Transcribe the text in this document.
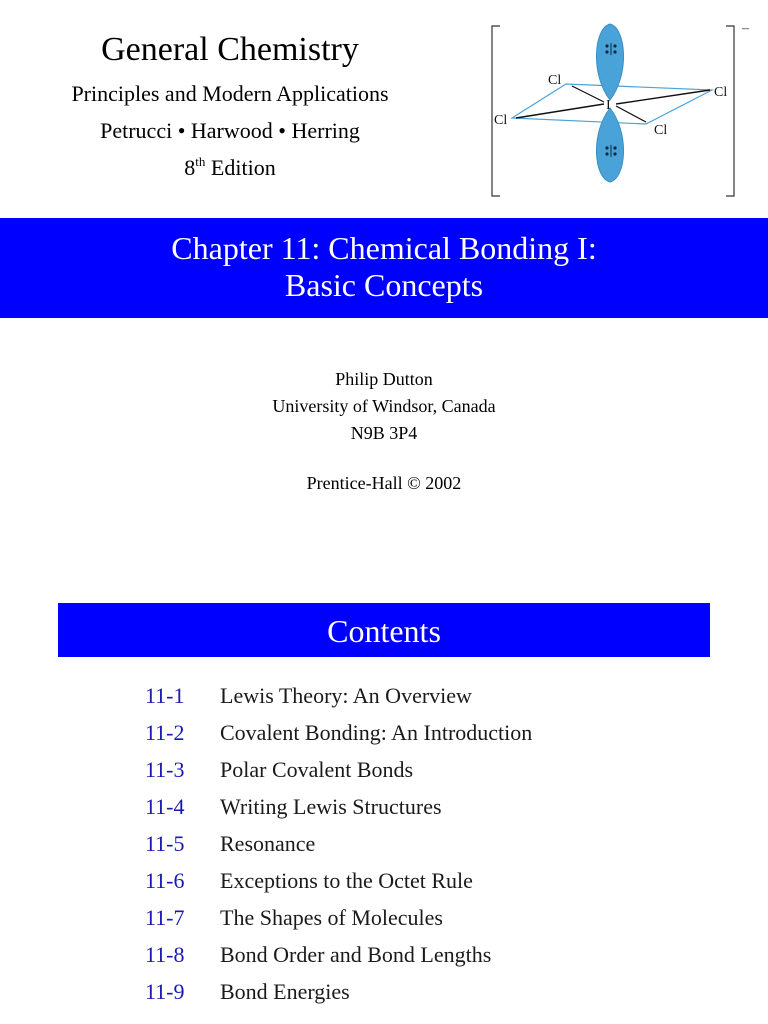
General Chemistry
Principles and Modern Applications
Petrucci • Harwood • Herring
8th Edition
–
I
Cl
Cl
Cl
Cl
Chapter 11: Chemical Bonding I:
Basic Concepts
Philip Dutton
University of Windsor, Canada
N9B 3P4
Prentice-Hall © 2002
Contents
11-1 Lewis Theory: An Overview
11-2 Covalent Bonding: An Introduction
11-3 Polar Covalent Bonds
11-4 Writing Lewis Structures
11-5 Resonance
11-6 Exceptions to the Octet Rule
11-7 The Shapes of Molecules
11-8 Bond Order and Bond Lengths
11-9 Bond Energies
